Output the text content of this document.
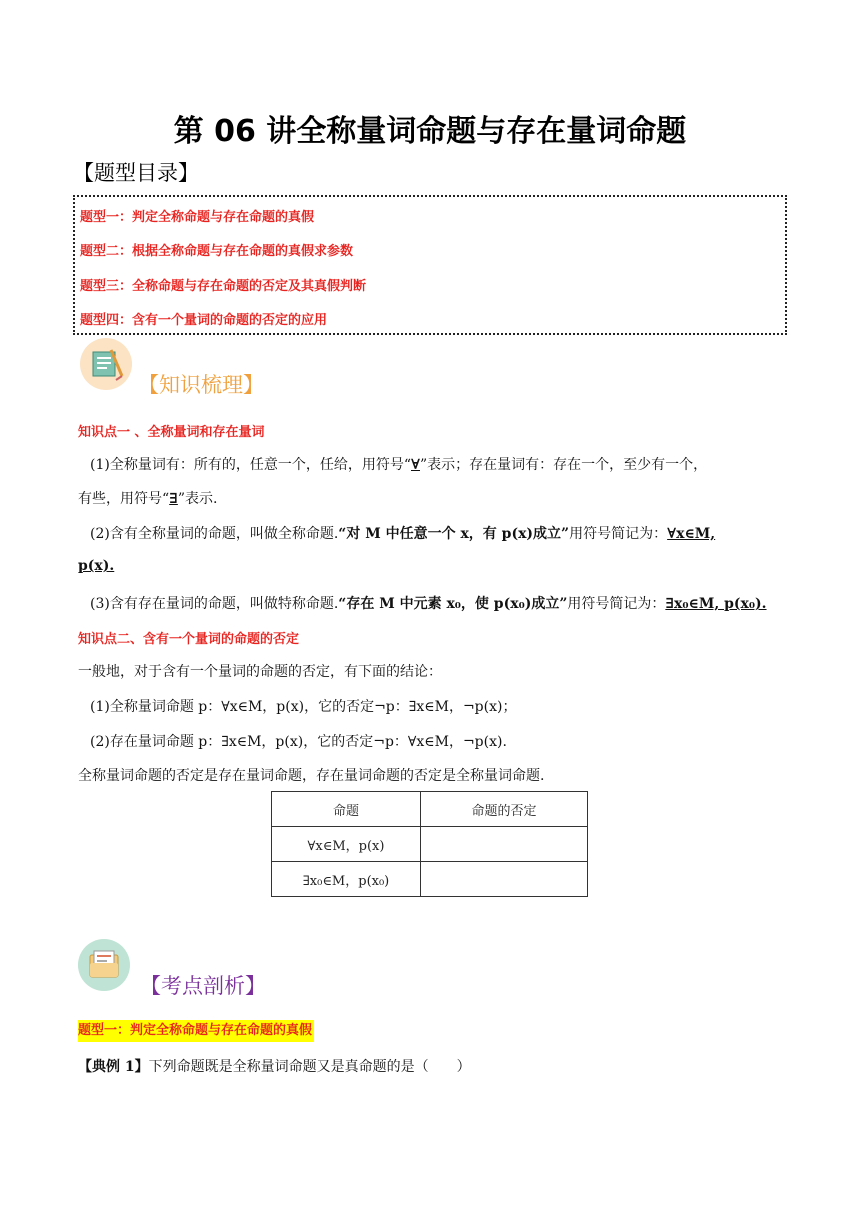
第 06 讲全称量词命题与存在量词命题
【题型目录】
题型一：判定全称命题与存在命题的真假
题型二：根据全称命题与存在命题的真假求参数
题型三：全称命题与存在命题的否定及其真假判断
题型四：含有一个量词的命题的否定的应用
【知识梳理】
知识点一 、全称量词和存在量词
(1)全称量词有：所有的，任意一个，任给，用符号“∀”表示；存在量词有：存在一个，至少有一个，
有些，用符号“∃”表示.
(2)含有全称量词的命题，叫做全称命题.“对 M 中任意一个 x，有 p(x)成立”用符号简记为：∀x∈M,
p(x).
(3)含有存在量词的命题，叫做特称命题.“存在 M 中元素 x₀，使 p(x₀)成立”用符号简记为：∃x₀∈M, p(x₀).
知识点二、含有一个量词的命题的否定
一般地，对于含有一个量词的命题的否定，有下面的结论：
(1)全称量词命题 p：∀x∈M，p(x)，它的否定¬p：∃x∈M，¬p(x)；
(2)存在量词命题 p：∃x∈M，p(x)，它的否定¬p：∀x∈M，¬p(x).
全称量词命题的否定是存在量词命题，存在量词命题的否定是全称量词命题.
命题	命题的否定
∀x∈M，p(x)	
∃x₀∈M，p(x₀)	
【考点剖析】
题型一：判定全称命题与存在命题的真假
【典例 1】下列命题既是全称量词命题又是真命题的是（　　）
